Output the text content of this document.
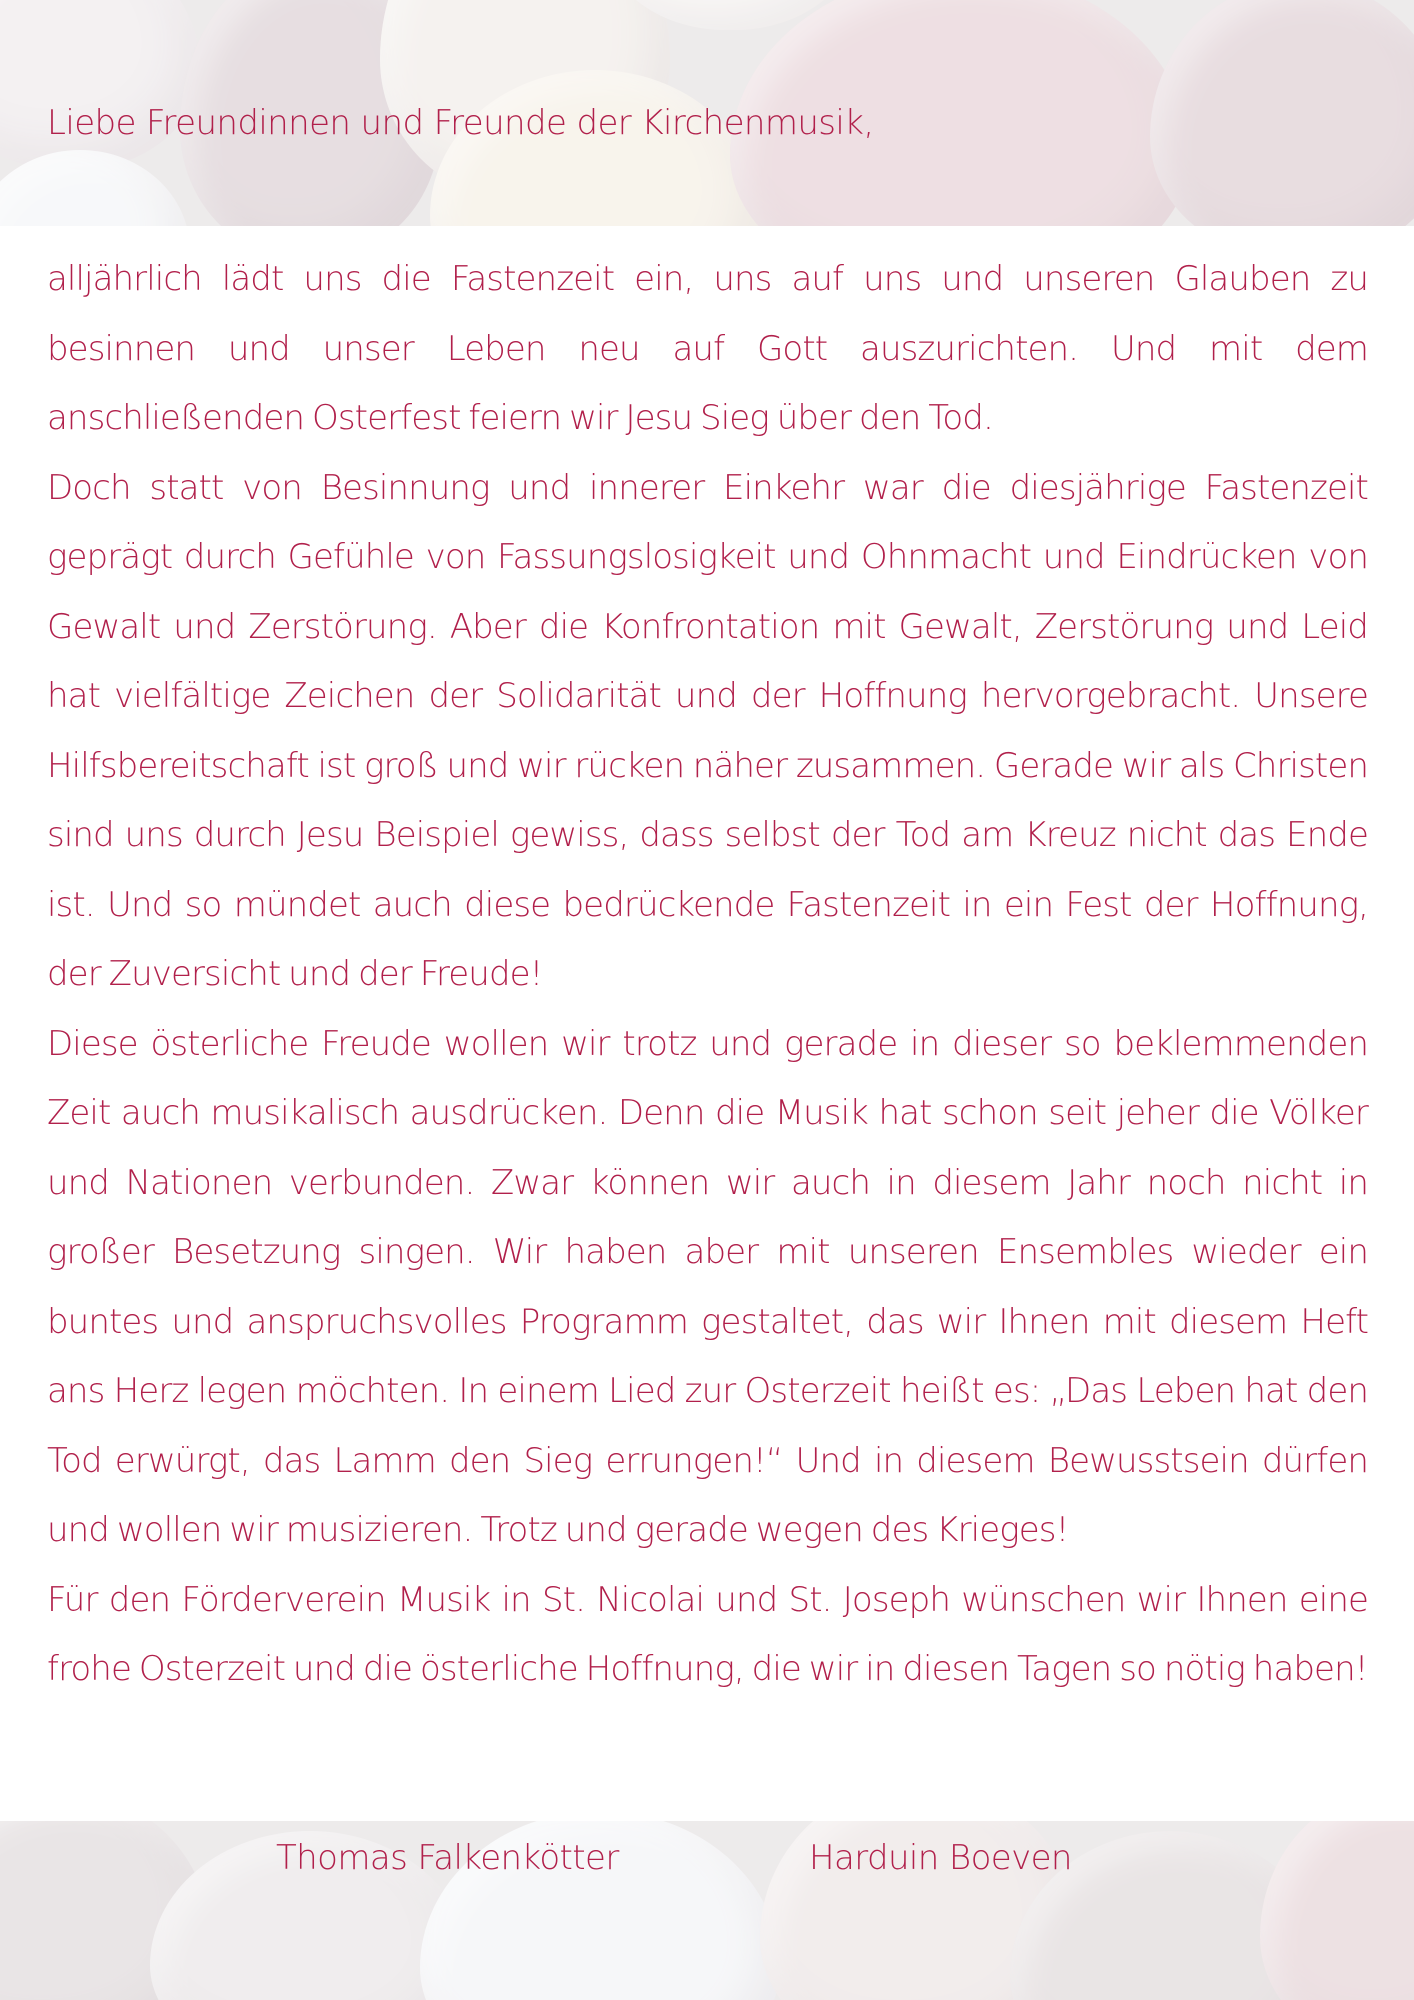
Liebe Freundinnen und Freunde der Kirchenmusik,

alljährlich lädt uns die Fastenzeit ein, uns auf uns und unseren Glauben zu besinnen und unser Leben neu auf Gott auszurichten. Und mit dem anschließenden Osterfest feiern wir Jesu Sieg über den Tod.

Doch statt von Besinnung und innerer Einkehr war die diesjährige Fastenzeit geprägt durch Gefühle von Fassungslosigkeit und Ohnmacht und Eindrücken von Gewalt und Zerstörung. Aber die Konfrontation mit Gewalt, Zerstörung und Leid hat vielfältige Zeichen der Solidarität und der Hoffnung hervorgebracht. Unsere Hilfsbereitschaft ist groß und wir rücken näher zusammen. Gerade wir als Christen sind uns durch Jesu Beispiel gewiss, dass selbst der Tod am Kreuz nicht das Ende ist. Und so mündet auch diese bedrückende Fastenzeit in ein Fest der Hoffnung, der Zuversicht und der Freude!

Diese österliche Freude wollen wir trotz und gerade in dieser so beklemmenden Zeit auch musikalisch ausdrücken. Denn die Musik hat schon seit jeher die Völker und Nationen verbunden. Zwar können wir auch in diesem Jahr noch nicht in großer Besetzung singen. Wir haben aber mit unseren Ensembles wieder ein buntes und anspruchsvolles Programm gestaltet, das wir Ihnen mit diesem Heft ans Herz legen möchten. In einem Lied zur Osterzeit heißt es: „Das Leben hat den Tod erwürgt, das Lamm den Sieg errungen!“ Und in diesem Bewusstsein dürfen und wollen wir musizieren. Trotz und gerade wegen des Krieges!

Für den Förderverein Musik in St. Nicolai und St. Joseph wünschen wir Ihnen eine frohe Osterzeit und die österliche Hoffnung, die wir in diesen Tagen so nötig haben!

Thomas Falkenkötter	Harduin Boeven
